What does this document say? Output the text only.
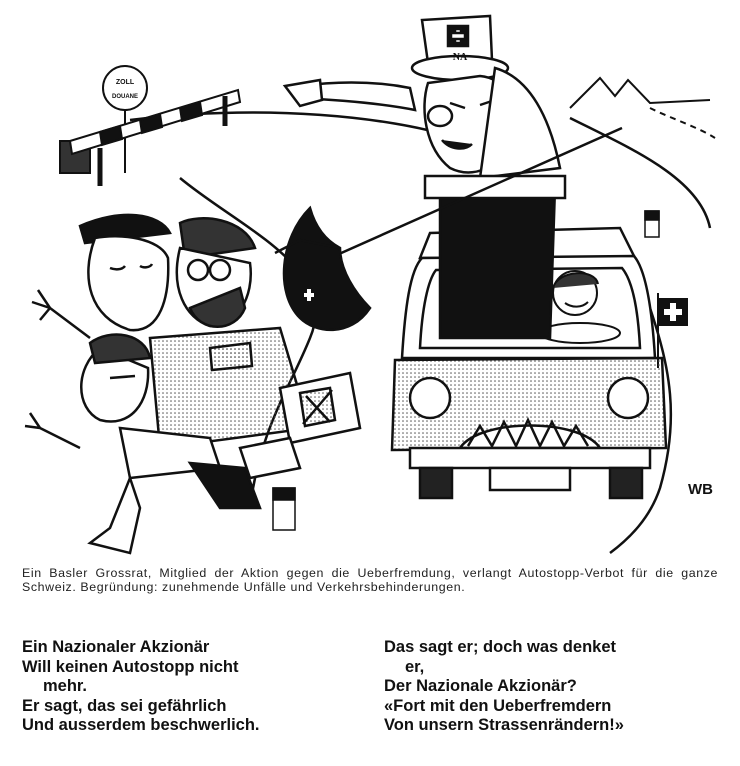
ZOLL
DOUANE
NA
WB
Ein Basler Grossrat, Mitglied der Aktion gegen die Ueberfremdung, verlangt Autostopp-Verbot für die ganze Schweiz. Begründung: zunehmende Unfälle und Verkehrsbehinderungen.
Ein Nazionaler Akzionär
Will keinen Autostopp nicht
mehr.
Er sagt, das sei gefährlich
Und ausserdem beschwerlich.
Das sagt er; doch was denket
er,
Der Nazionale Akzionär?
«Fort mit den Ueberfremdern
Von unsern Strassenrändern!»
